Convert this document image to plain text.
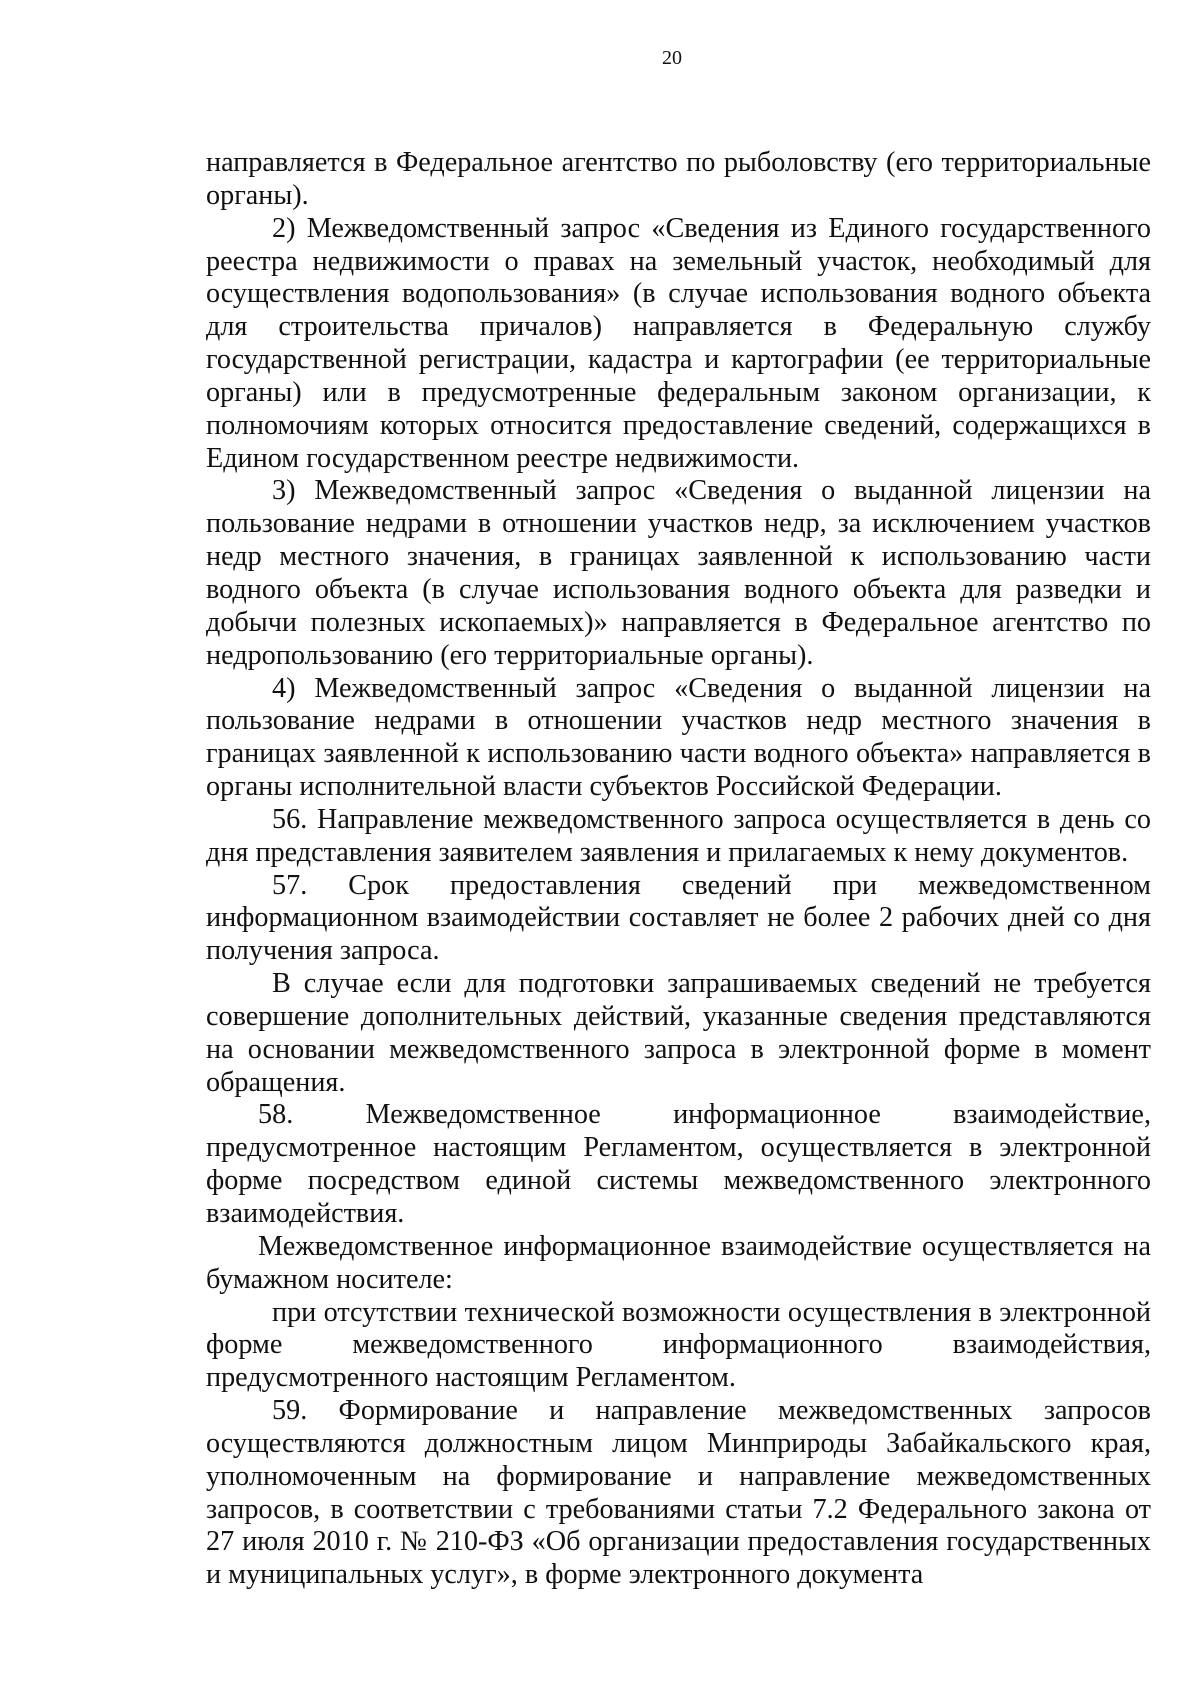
20

направляется в Федеральное агентство по рыболовству (его территориальные органы).

2) Межведомственный запрос «Сведения из Единого государственного реестра недвижимости о правах на земельный участок, необходимый для осуществления водопользования» (в случае использования водного объекта для строительства причалов) направляется в Федеральную службу государственной регистрации, кадастра и картографии (ее территориальные органы) или в предусмотренные федеральным законом организации, к полномочиям которых относится предоставление сведений, содержащихся в Едином государственном реестре недвижимости.

3) Межведомственный запрос «Сведения о выданной лицензии на пользование недрами в отношении участков недр, за исключением участков недр местного значения, в границах заявленной к использованию части водного объекта (в случае использования водного объекта для разведки и добычи полезных ископаемых)» направляется в Федеральное агентство по недропользованию (его территориальные органы).

4) Межведомственный запрос «Сведения о выданной лицензии на пользование недрами в отношении участков недр местного значения в границах заявленной к использованию части водного объекта» направляется в органы исполнительной власти субъектов Российской Федерации.

56. Направление межведомственного запроса осуществляется в день со дня представления заявителем заявления и прилагаемых к нему документов.

57. Срок предоставления сведений при межведомственном информационном взаимодействии составляет не более 2 рабочих дней со дня получения запроса.

В случае если для подготовки запрашиваемых сведений не требуется совершение дополнительных действий, указанные сведения представляются на основании межведомственного запроса в электронной форме в момент обращения.

58. Межведомственное информационное взаимодействие, предусмотренное настоящим Регламентом, осуществляется в электронной форме посредством единой системы межведомственного электронного взаимодействия.

Межведомственное информационное взаимодействие осуществляется на бумажном носителе:

при отсутствии технической возможности осуществления в электронной форме межведомственного информационного взаимодействия, предусмотренного настоящим Регламентом.

59. Формирование и направление межведомственных запросов осуществляются должностным лицом Минприроды Забайкальского края, уполномоченным на формирование и направление межведомственных запросов, в соответствии с требованиями статьи 7.2 Федерального закона от 27 июля 2010 г. № 210-ФЗ «Об организации предоставления государственных и муниципальных услуг», в форме электронного документа
